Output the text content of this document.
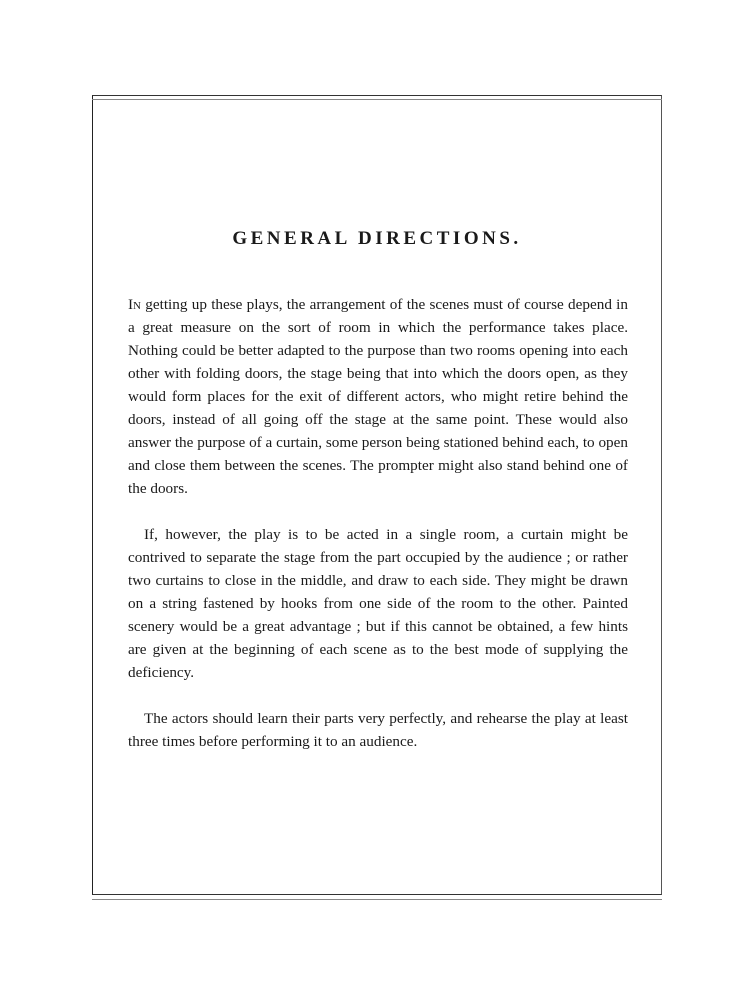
GENERAL DIRECTIONS.

In getting up these plays, the arrangement of the scenes must of course depend in a great measure on the sort of room in which the performance takes place. Nothing could be better adapted to the purpose than two rooms opening into each other with folding doors, the stage being that into which the doors open, as they would form places for the exit of different actors, who might retire behind the doors, instead of all going off the stage at the same point. These would also answer the purpose of a curtain, some person being stationed behind each, to open and close them between the scenes. The prompter might also stand behind one of the doors.

If, however, the play is to be acted in a single room, a curtain might be contrived to separate the stage from the part occupied by the audience ; or rather two curtains to close in the middle, and draw to each side. They might be drawn on a string fastened by hooks from one side of the room to the other. Painted scenery would be a great advantage ; but if this cannot be obtained, a few hints are given at the beginning of each scene as to the best mode of supplying the deficiency.

The actors should learn their parts very perfectly, and rehearse the play at least three times before performing it to an audience.
